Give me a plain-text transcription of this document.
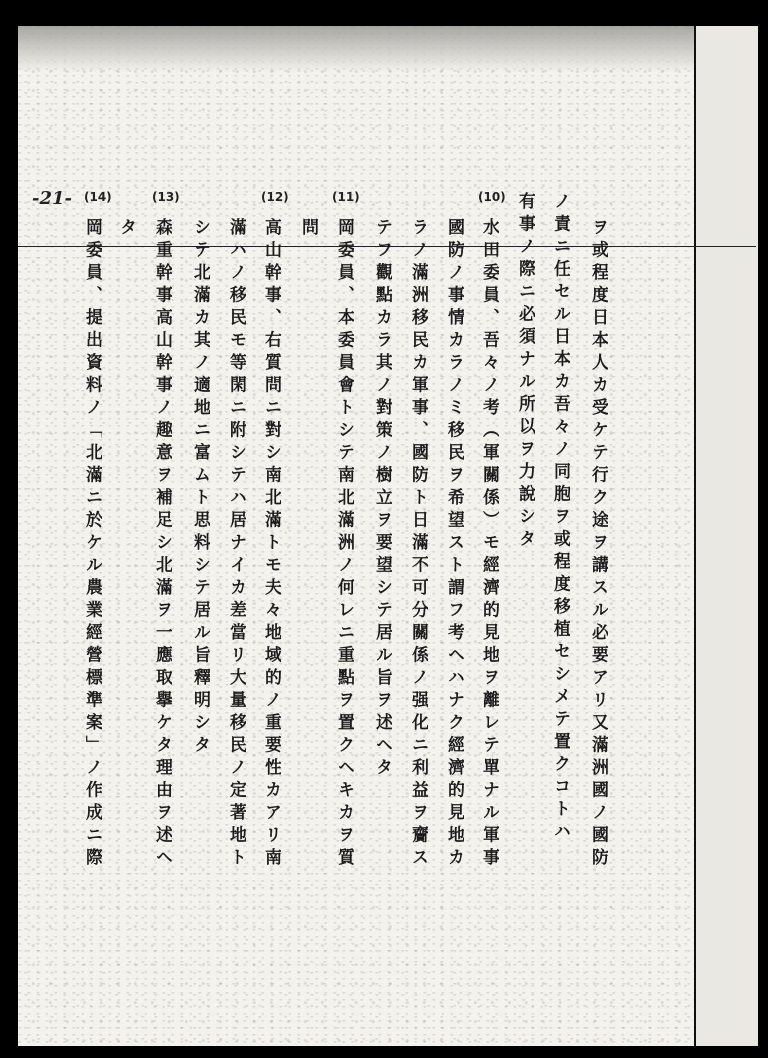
-21-	(10)
(11)
(12)
(13)
(14)
ヲ或程度日本人カ受ケテ行ク途ヲ講スル必要アリ又滿洲國ノ國防
ノ責ニ任セル日本カ吾々ノ同胞ヲ或程度移植セシメテ置クコトハ
有事ノ際ニ必須ナル所以ヲ力說シタ
水田委員、吾々ノ考（軍關係）モ經濟的見地ヲ離レテ單ナル軍事
國防ノ事情カラノミ移民ヲ希望スト謂フ考ヘハナク經濟的見地カ
ラノ滿洲移民カ軍事、國防ト日滿不可分關係ノ强化ニ利益ヲ齎ス
テフ觀點カラ其ノ對策ノ樹立ヲ要望シテ居ル旨ヲ述ヘタ
岡委員、本委員會トシテ南北滿洲ノ何レニ重點ヲ置クヘキカヲ質
問
高山幹事、右質問ニ對シ南北滿トモ夫々地域的ノ重要性カアリ南
滿ハノ移民モ等閑ニ附シテハ居ナイカ差當リ大量移民ノ定著地ト
シテ北滿カ其ノ適地ニ富ムト思料シテ居ル旨釋明シタ
森重幹事高山幹事ノ趣意ヲ補足シ北滿ヲ一應取擧ケタ理由ヲ述ヘ
タ
岡委員、提出資料ノ「北滿ニ於ケル農業經營標準案」ノ作成ニ際
